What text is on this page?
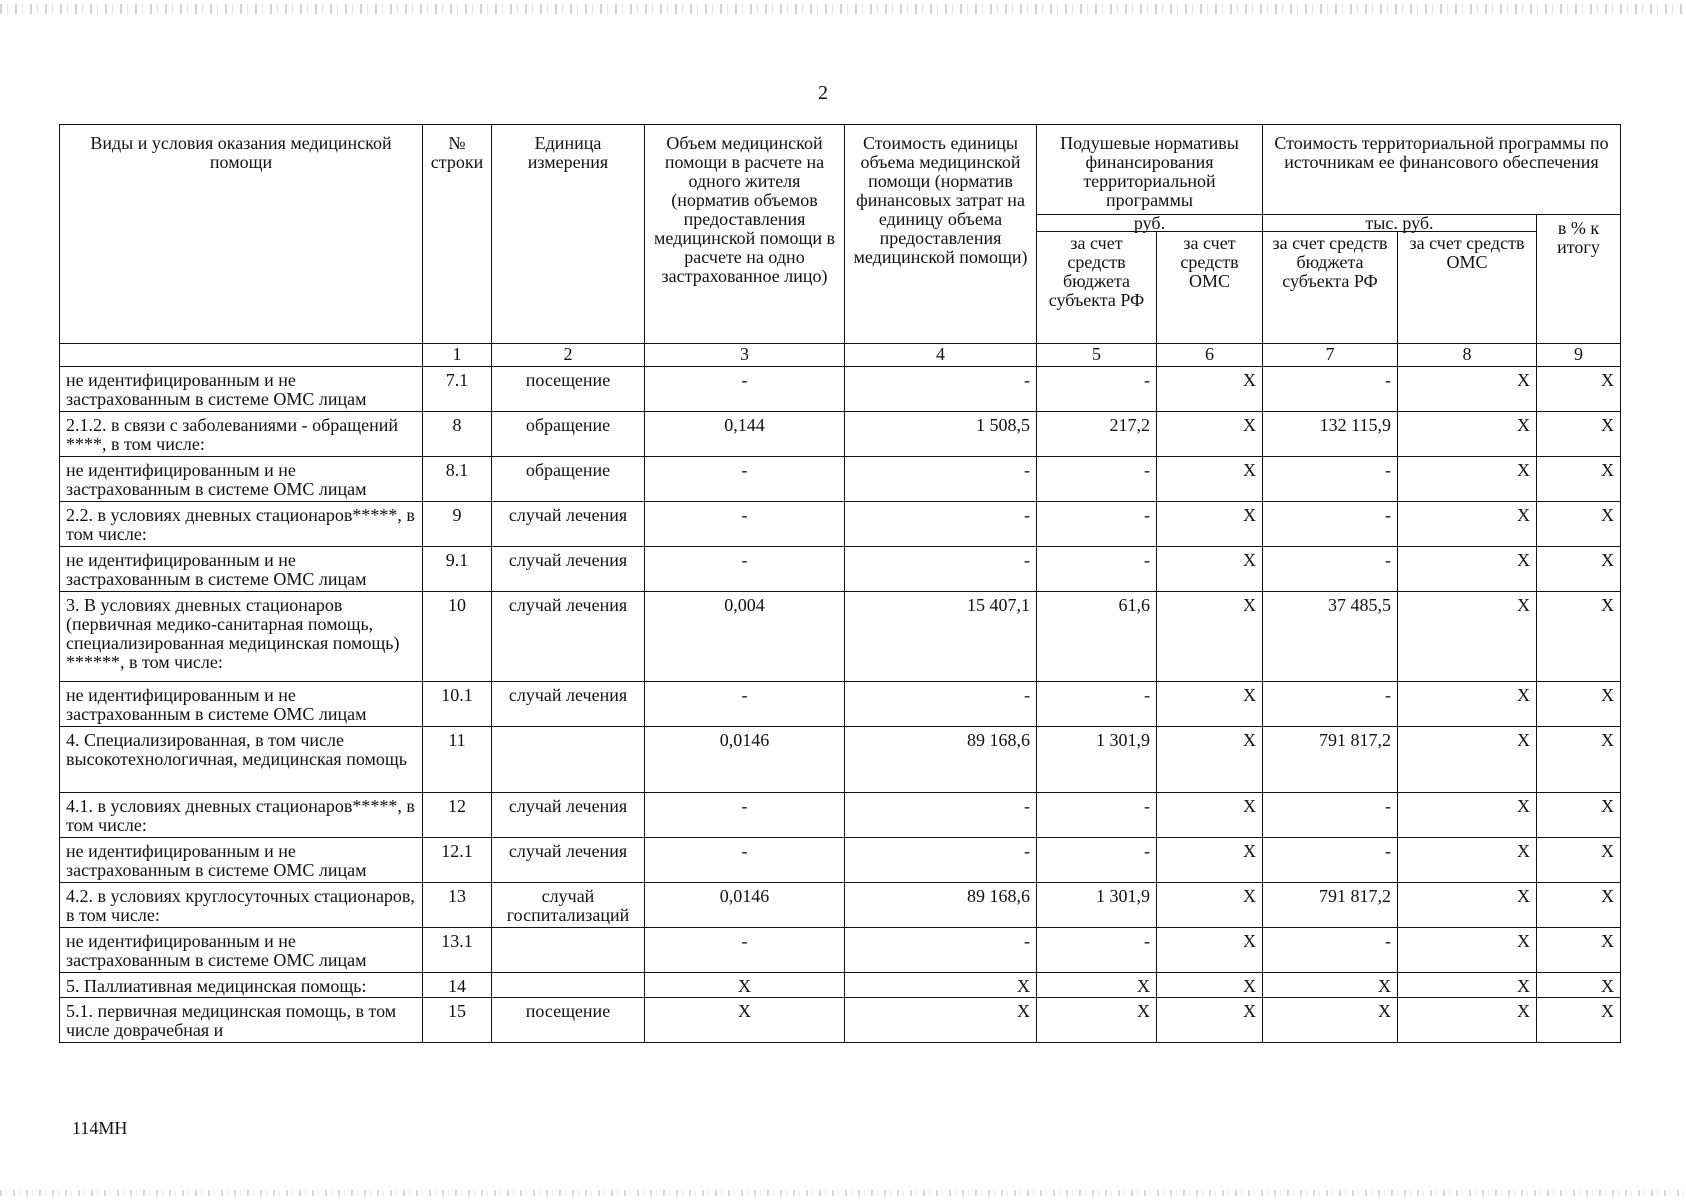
2
Виды и условия оказания медицинской помощи	№ строки	Единица измерения	Объем медицинской помощи в расчете на одного жителя (норматив объемов предоставления медицинской помощи в расчете на одно застрахованное лицо)	Стоимость единицы объема медицинской помощи (норматив финансовых затрат на единицу объема предоставления медицинской помощи)	Подушевые нормативы финансирования территориальной программы		Стоимость территориальной программы по источникам ее финансового обеспечения		
					руб.		тыс. руб.		в % к итогу
					за счет средств бюджета субъекта РФ	за счет средств ОМС	за счет средств бюджета субъекта РФ	за счет средств ОМС	
	1	2	3	4	5	6	7	8	9
не идентифицированным и не застрахованным в системе ОМС лицам	7.1	посещение	-	-	-	X	-	X	X
2.1.2. в связи с заболеваниями - обращений ****, в том числе:	8	обращение	0,144	1 508,5	217,2	X	132 115,9	X	X
не идентифицированным и не застрахованным в системе ОМС лицам	8.1	обращение	-	-	-	X	-	X	X
2.2. в условиях дневных стационаров*****, в том числе:	9	случай лечения	-	-	-	X	-	X	X
не идентифицированным и не застрахованным в системе ОМС лицам	9.1	случай лечения	-	-	-	X	-	X	X
3. В условиях дневных стационаров (первичная медико-санитарная помощь, специализированная медицинская помощь) ******, в том числе:	10	случай лечения	0,004	15 407,1	61,6	X	37 485,5	X	X
не идентифицированным и не застрахованным в системе ОМС лицам	10.1	случай лечения	-	-	-	X	-	X	X
4. Специализированная, в том числе высокотехнологичная, медицинская помощь	11		0,0146	89 168,6	1 301,9	X	791 817,2	X	X
4.1. в условиях дневных стационаров*****, в том числе:	12	случай лечения	-	-	-	X	-	X	X
не идентифицированным и не застрахованным в системе ОМС лицам	12.1	случай лечения	-	-	-	X	-	X	X
4.2. в условиях круглосуточных стационаров, в том числе:	13	случай госпитализаций	0,0146	89 168,6	1 301,9	X	791 817,2	X	X
не идентифицированным и не застрахованным в системе ОМС лицам	13.1		-	-	-	X	-	X	X
5. Паллиативная медицинская помощь:	14		X	X	X	X	X	X	X
5.1. первичная медицинская помощь, в том числе доврачебная и	15	посещение	X	X	X	X	X	X	X
114МН
